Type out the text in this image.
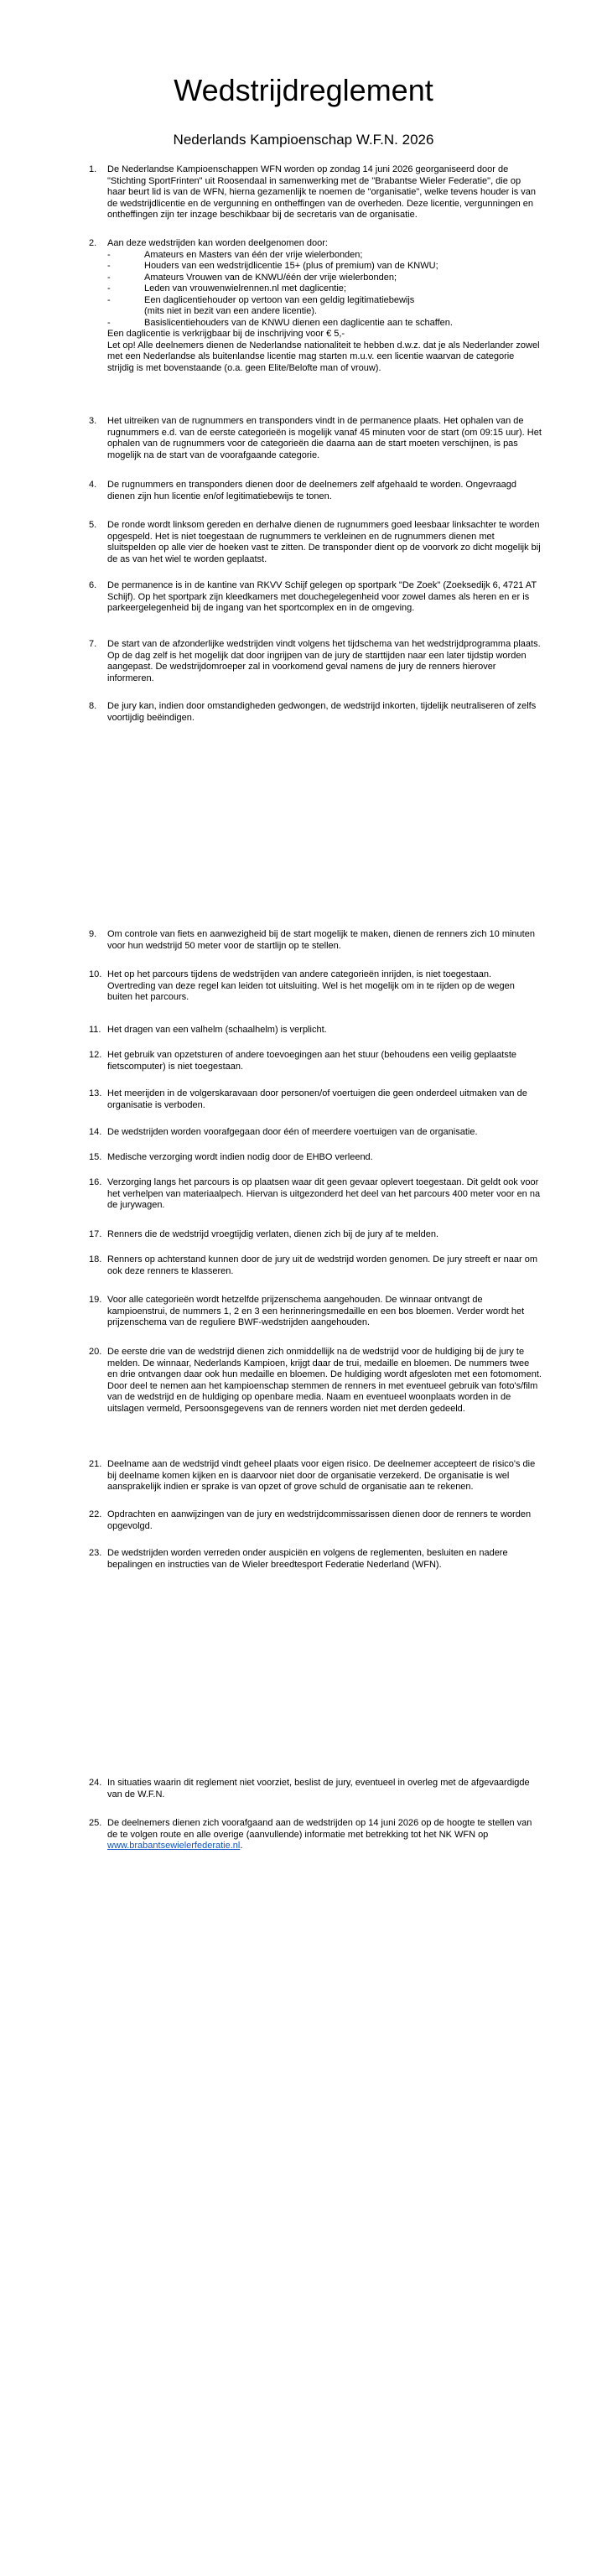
Wedstrijdreglement
Nederlands Kampioenschap W.F.N. 2026
1.	De Nederlandse Kampioenschappen WFN worden op zondag 14 juni 2026 georganiseerd door de "Stichting SportFrinten" uit Roosendaal in samenwerking met de "Brabantse Wieler Federatie", die op haar beurt lid is van de WFN, hierna gezamenlijk te noemen de "organisatie", welke tevens houder is van de wedstrijdlicentie en de vergunning en ontheffingen van de overheden. Deze licentie, vergunningen en ontheffingen zijn ter inzage beschikbaar bij de secretaris van de organisatie.

2.	Aan deze wedstrijden kan worden deelgenomen door:

-	Amateurs en Masters van één der vrije wielerbonden;
-	Houders van een wedstrijdlicentie 15+ (plus of premium) van de KNWU;
-	Amateurs Vrouwen van de KNWU/één der vrije wielerbonden;
-	Leden van vrouwenwielrennen.nl met daglicentie;
-	Een daglicentiehouder op vertoon van een geldig legitimatiebewijs
(mits niet in bezit van een andere licentie).
-	Basislicentiehouders van de KNWU dienen een daglicentie aan te schaffen.

Een daglicentie is verkrijgbaar bij de inschrijving voor € 5,-

Let op! Alle deelnemers dienen de Nederlandse nationaliteit te hebben d.w.z. dat je als Nederlander zowel met een Nederlandse als buitenlandse licentie mag starten m.u.v. een licentie waarvan de categorie strijdig is met bovenstaande (o.a. geen Elite/Belofte man of vrouw).

3.	Het uitreiken van de rugnummers en transponders vindt in de permanence plaats. Het ophalen van de rugnummers e.d. van de eerste categorieën is mogelijk vanaf 45 minuten voor de start (om 09:15 uur). Het ophalen van de rugnummers voor de categorieën die daarna aan de start moeten verschijnen, is pas mogelijk na de start van de voorafgaande categorie.

4.	De rugnummers en transponders dienen door de deelnemers zelf afgehaald te worden. Ongevraagd dienen zijn hun licentie en/of legitimatiebewijs te tonen.

5.	De ronde wordt linksom gereden en derhalve dienen de rugnummers goed leesbaar linksachter te worden opgespeld. Het is niet toegestaan de rugnummers te verkleinen en de rugnummers dienen met sluitspelden op alle vier de hoeken vast te zitten. De transponder dient op de voorvork zo dicht mogelijk bij de as van het wiel te worden geplaatst.

6.	De permanence is in de kantine van RKVV Schijf gelegen op sportpark "De Zoek" (Zoeksedijk 6, 4721 AT Schijf). Op het sportpark zijn kleedkamers met douchegelegenheid voor zowel dames als heren en er is parkeergelegenheid bij de ingang van het sportcomplex en in de omgeving.

7.	De start van de afzonderlijke wedstrijden vindt volgens het tijdschema van het wedstrijdprogramma plaats. Op de dag zelf is het mogelijk dat door ingrijpen van de jury de starttijden naar een later tijdstip worden aangepast. De wedstrijdomroeper zal in voorkomend geval namens de jury de renners hierover informeren.

8.	De jury kan, indien door omstandigheden gedwongen, de wedstrijd inkorten, tijdelijk neutraliseren of zelfs voortijdig beëindigen.

9.	Om controle van fiets en aanwezigheid bij de start mogelijk te maken, dienen de renners zich 10 minuten voor hun wedstrijd 50 meter voor de startlijn op te stellen.

10. Het op het parcours tijdens de wedstrijden van andere categorieën inrijden, is niet toegestaan. Overtreding van deze regel kan leiden tot uitsluiting. Wel is het mogelijk om in te rijden op de wegen buiten het parcours.

11. Het dragen van een valhelm (schaalhelm) is verplicht.

12. Het gebruik van opzetsturen of andere toevoegingen aan het stuur (behoudens een veilig geplaatste fietscomputer) is niet toegestaan.

13. Het meerijden in de volgerskaravaan door personen/of voertuigen die geen onderdeel uitmaken van de organisatie is verboden.

14. De wedstrijden worden voorafgegaan door één of meerdere voertuigen van de organisatie.

15. Medische verzorging wordt indien nodig door de EHBO verleend.

16. Verzorging langs het parcours is op plaatsen waar dit geen gevaar oplevert toegestaan. Dit geldt ook voor het verhelpen van materiaalpech. Hiervan is uitgezonderd het deel van het parcours 400 meter voor en na de jurywagen.

17. Renners die de wedstrijd vroegtijdig verlaten, dienen zich bij de jury af te melden.

18. Renners op achterstand kunnen door de jury uit de wedstrijd worden genomen. De jury streeft er naar om ook deze renners te klasseren.

19. Voor alle categorieën wordt hetzelfde prijzenschema aangehouden. De winnaar ontvangt de kampioenstrui, de nummers 1, 2 en 3 een herinneringsmedaille en een bos bloemen. Verder wordt het prijzenschema van de reguliere BWF-wedstrijden aangehouden.

20. De eerste drie van de wedstrijd dienen zich onmiddellijk na de wedstrijd voor de huldiging bij de jury te melden. De winnaar, Nederlands Kampioen, krijgt daar de trui, medaille en bloemen. De nummers twee en drie ontvangen daar ook hun medaille en bloemen. De huldiging wordt afgesloten met een fotomoment. Door deel te nemen aan het kampioenschap stemmen de renners in met eventueel gebruik van foto's/film van de wedstrijd en de huldiging op openbare media. Naam en eventueel woonplaats worden in de uitslagen vermeld, Persoonsgegevens van de renners worden niet met derden gedeeld.

21. Deelname aan de wedstrijd vindt geheel plaats voor eigen risico. De deelnemer accepteert de risico's die bij deelname komen kijken en is daarvoor niet door de organisatie verzekerd. De organisatie is wel aansprakelijk indien er sprake is van opzet of grove schuld de organisatie aan te rekenen.

22. Opdrachten en aanwijzingen van de jury en wedstrijdcommissarissen dienen door de renners te worden opgevolgd.

23. De wedstrijden worden verreden onder auspiciën en volgens de reglementen, besluiten en nadere bepalingen en instructies van de Wieler breedtesport Federatie Nederland (WFN).

24. In situaties waarin dit reglement niet voorziet, beslist de jury, eventueel in overleg met de afgevaardigde van de W.F.N.

25. De deelnemers dienen zich voorafgaand aan de wedstrijden op 14 juni 2026 op de hoogte te stellen van de te volgen route en alle overige (aanvullende) informatie met betrekking tot het NK WFN op www.brabantsewielerfederatie.nl.
